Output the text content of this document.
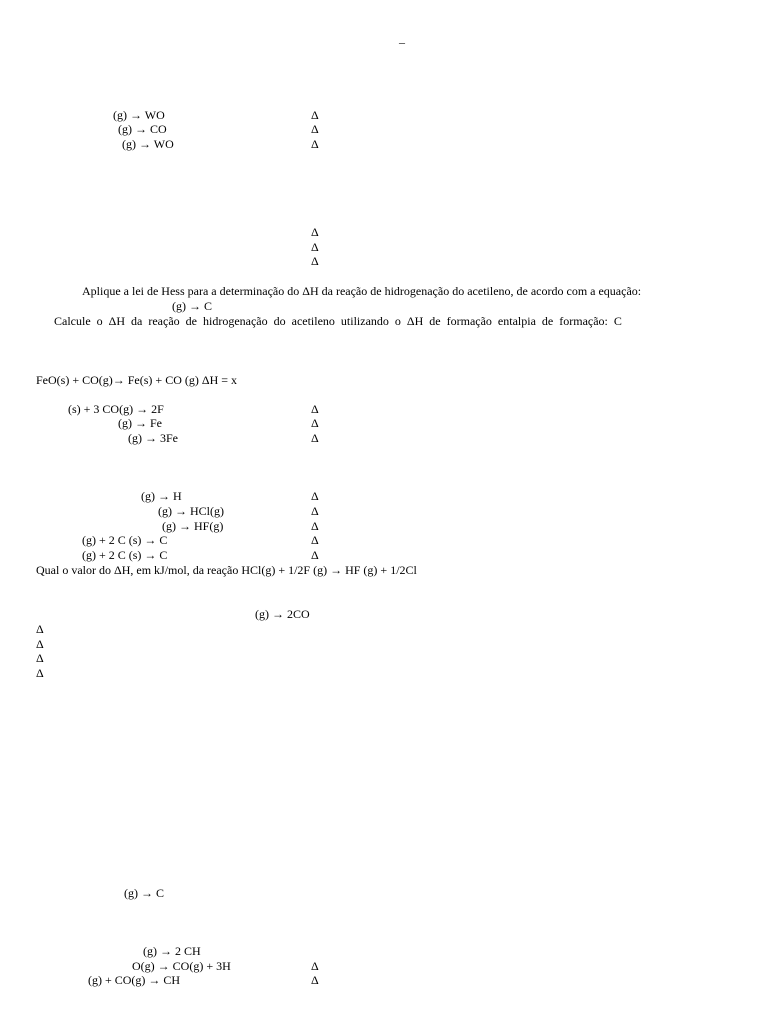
–
(g) → WO
(g) → CO
(g) → WO
Δ
Δ
Δ
Δ
Δ
Δ
Aplique a lei de Hess para a determinação do ΔH da reação de hidrogenação do acetileno, de acordo com a equação:
(g) → C
Calcule o ΔH da reação de hidrogenação do acetileno utilizando o ΔH de formação entalpia de formação: C
FeO(s) + CO(g)→ Fe(s) + CO (g) ΔH = x
(s) + 3 CO(g) → 2F
(g) → Fe
(g) → 3Fe
Δ
Δ
Δ
(g) → H
(g) → HCl(g)
(g) → HF(g)
(g) + 2 C (s) → C
(g) + 2 C (s) → C
Δ
Δ
Δ
Δ
Δ
Qual o valor do ΔH, em kJ/mol, da reação HCl(g) + 1/2F (g) → HF (g) + 1/2Cl
(g) → 2CO
Δ
Δ
Δ
Δ
(g) → C
(g) → 2 CH
O(g) → CO(g) + 3H
(g) + CO(g) → CH
Δ
Δ
